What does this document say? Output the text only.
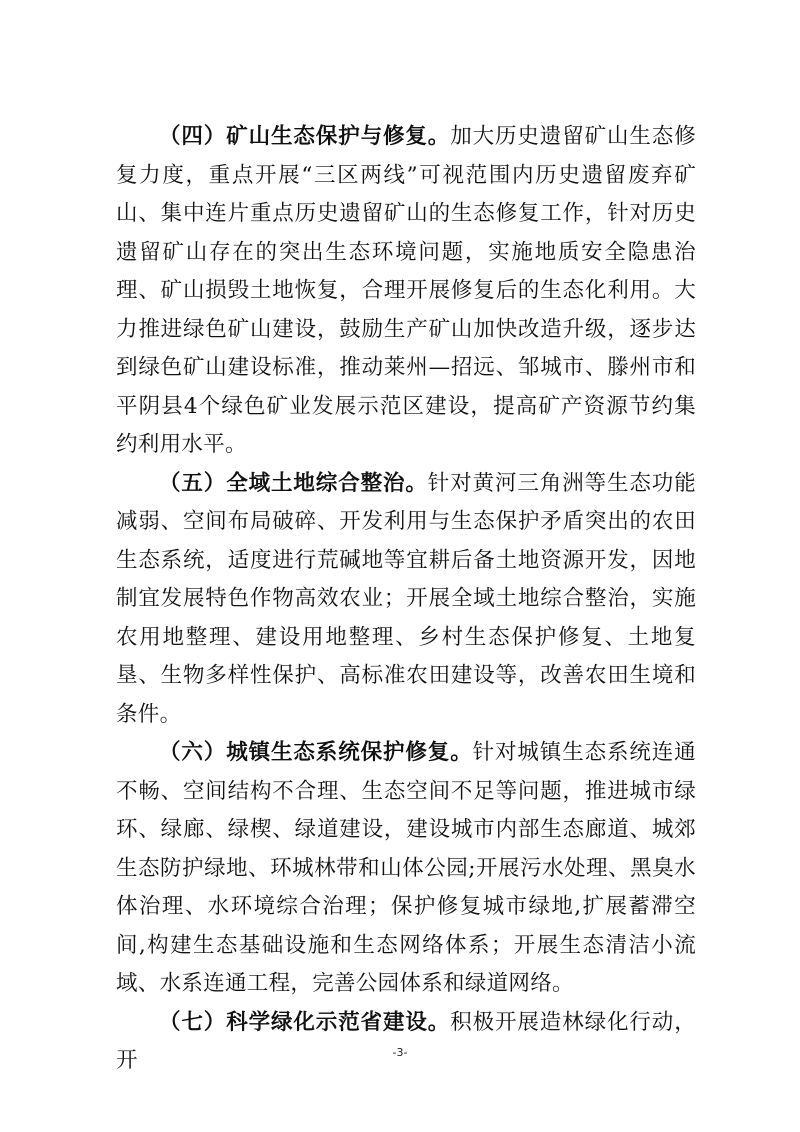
（四）矿山生态保护与修复。加大历史遗留矿山生态修复力度，重点开展“三区两线”可视范围内历史遗留废弃矿山、集中连片重点历史遗留矿山的生态修复工作，针对历史遗留矿山存在的突出生态环境问题，实施地质安全隐患治理、矿山损毁土地恢复，合理开展修复后的生态化利用。大力推进绿色矿山建设，鼓励生产矿山加快改造升级，逐步达到绿色矿山建设标准，推动莱州—招远、邹城市、滕州市和平阴县4个绿色矿业发展示范区建设，提高矿产资源节约集约利用水平。

（五）全域土地综合整治。针对黄河三角洲等生态功能减弱、空间布局破碎、开发利用与生态保护矛盾突出的农田生态系统，适度进行荒碱地等宜耕后备土地资源开发，因地制宜发展特色作物高效农业；开展全域土地综合整治，实施农用地整理、建设用地整理、乡村生态保护修复、土地复垦、生物多样性保护、高标准农田建设等，改善农田生境和条件。

（六）城镇生态系统保护修复。针对城镇生态系统连通不畅、空间结构不合理、生态空间不足等问题，推进城市绿环、绿廊、绿楔、绿道建设，建设城市内部生态廊道、城郊生态防护绿地、环城林带和山体公园;开展污水处理、黑臭水体治理、水环境综合治理；保护修复城市绿地,扩展蓄滞空间,构建生态基础设施和生态网络体系；开展生态清洁小流域、水系连通工程，完善公园体系和绿道网络。

（七）科学绿化示范省建设。积极开展造林绿化行动，开	-3-
